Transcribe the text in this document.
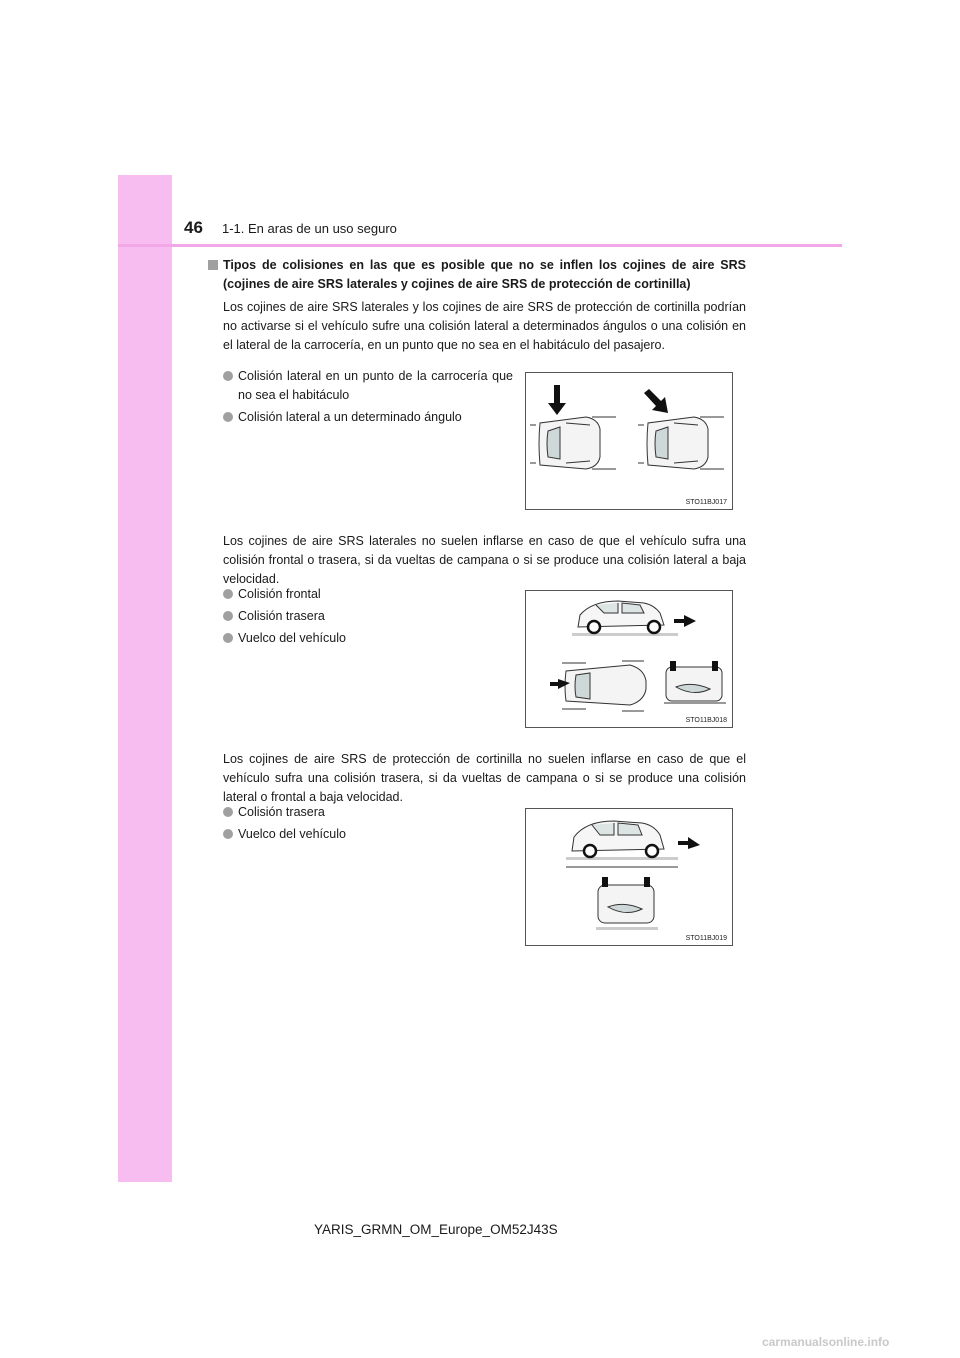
46 1-1. En aras de un uso seguro
Tipos de colisiones en las que es posible que no se inflen los cojines de aire SRS (cojines de aire SRS laterales y cojines de aire SRS de protección de cortinilla)
Los cojines de aire SRS laterales y los cojines de aire SRS de protección de cortinilla podrían no activarse si el vehículo sufre una colisión lateral a determinados ángulos o una colisión en el lateral de la carrocería, en un punto que no sea en el habitáculo del pasajero.
Colisión lateral en un punto de la carrocería que no sea el habitáculo
Colisión lateral a un determinado ángulo
STO11BJ017
Los cojines de aire SRS laterales no suelen inflarse en caso de que el vehículo sufra una colisión frontal o trasera, si da vueltas de campana o si se produce una colisión lateral a baja velocidad.
Colisión frontal
Colisión trasera
Vuelco del vehículo
STO11BJ018
Los cojines de aire SRS de protección de cortinilla no suelen inflarse en caso de que el vehículo sufra una colisión trasera, si da vueltas de campana o si se produce una colisión lateral o frontal a baja velocidad.
Colisión trasera
Vuelco del vehículo
STO11BJ019
YARIS_GRMN_OM_Europe_OM52J43S
carmanualsonline.info
